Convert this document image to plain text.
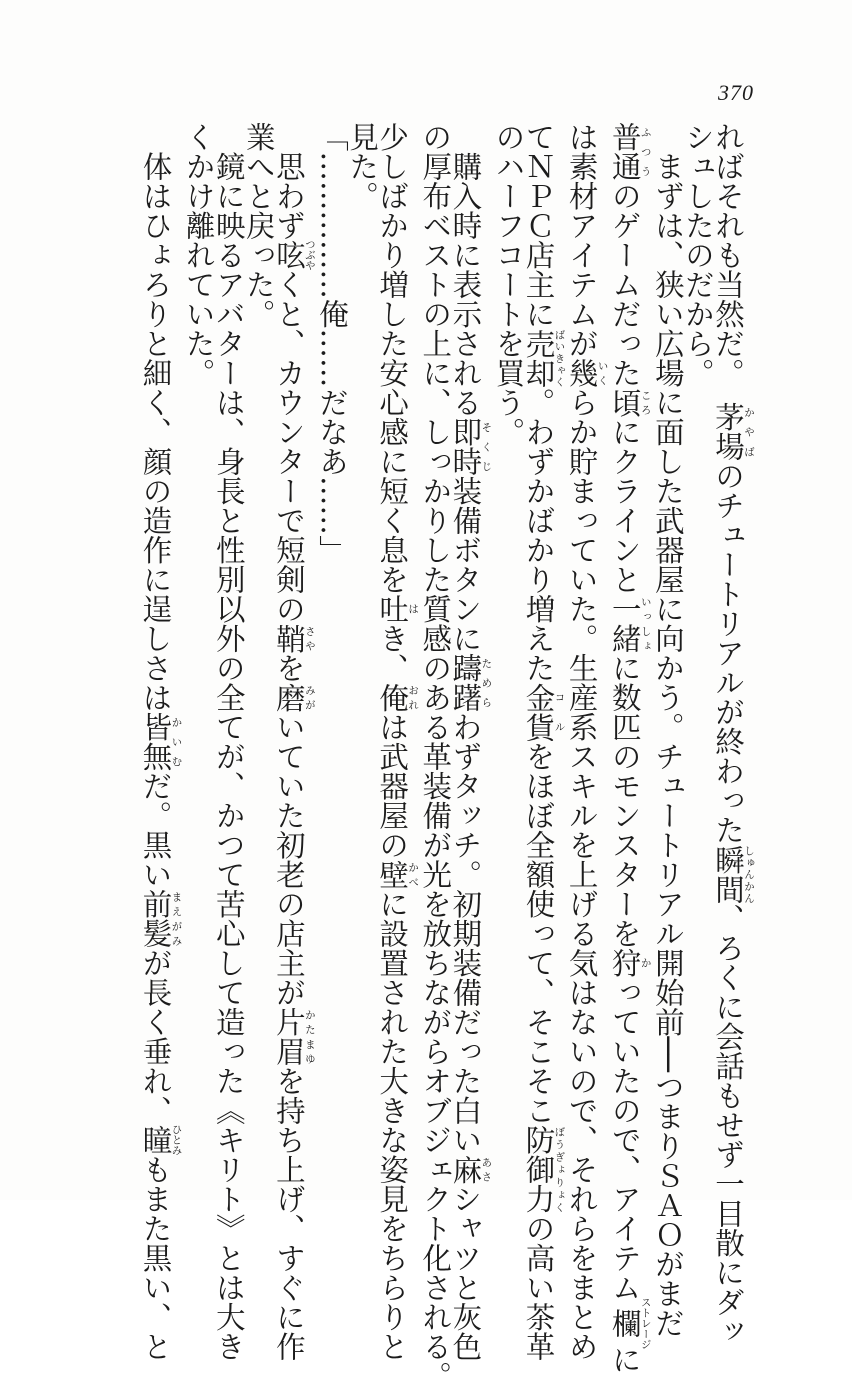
370
ればそれも当然だ。　茅場かやばのチュートリアルが終わった瞬間しゅんかん、ろくに会話もせず一目散にダッ
シュしたのだから。
　まずは、狭い広場に面した武器屋に向かう。チュートリアル開始前──つまりＳＡＯがまだ
普通ふつうのゲームだった頃ころにクラインと一緒いっしょに数匹のモンスターを狩かっていたので、アイテム欄ストレージに
は素材アイテムが幾いくらか貯まっていた。生産系スキルを上げる気はないので、それらをまとめ
てＮＰＣ店主に売却ばいきゃく。わずかばかり増えた金貨コルをほぼ全額使って、そこそこ防御力ぼうぎょりょくの高い茶革
のハーフコートを買う。
　購入時に表示される即時そくじ装備ボタンに躊躇ためらわずタッチ。初期装備だった白い麻あさシャツと灰色
の厚布ベストの上に、しっかりした質感のある革装備が光を放ちながらオブジェクト化される。
少しばかり増した安心感に短く息を吐はき、俺おれは武器屋の壁かべに設置された大きな姿見をちらりと
見た。
「……………俺……だなあ……」
　思わず呟つぶやくと、カウンターで短剣の鞘さやを磨みがいていた初老の店主が片眉かたまゆを持ち上げ、すぐに作
業へと戻った。
　鏡に映るアバターは、身長と性別以外の全てが、かつて苦心して造った《キリト》とは大き
くかけ離れていた。
　体はひょろりと細く、顔の造作に逞しさは皆無かいむだ。黒い前髪まえがみが長く垂れ、瞳ひとみもまた黒い、と
